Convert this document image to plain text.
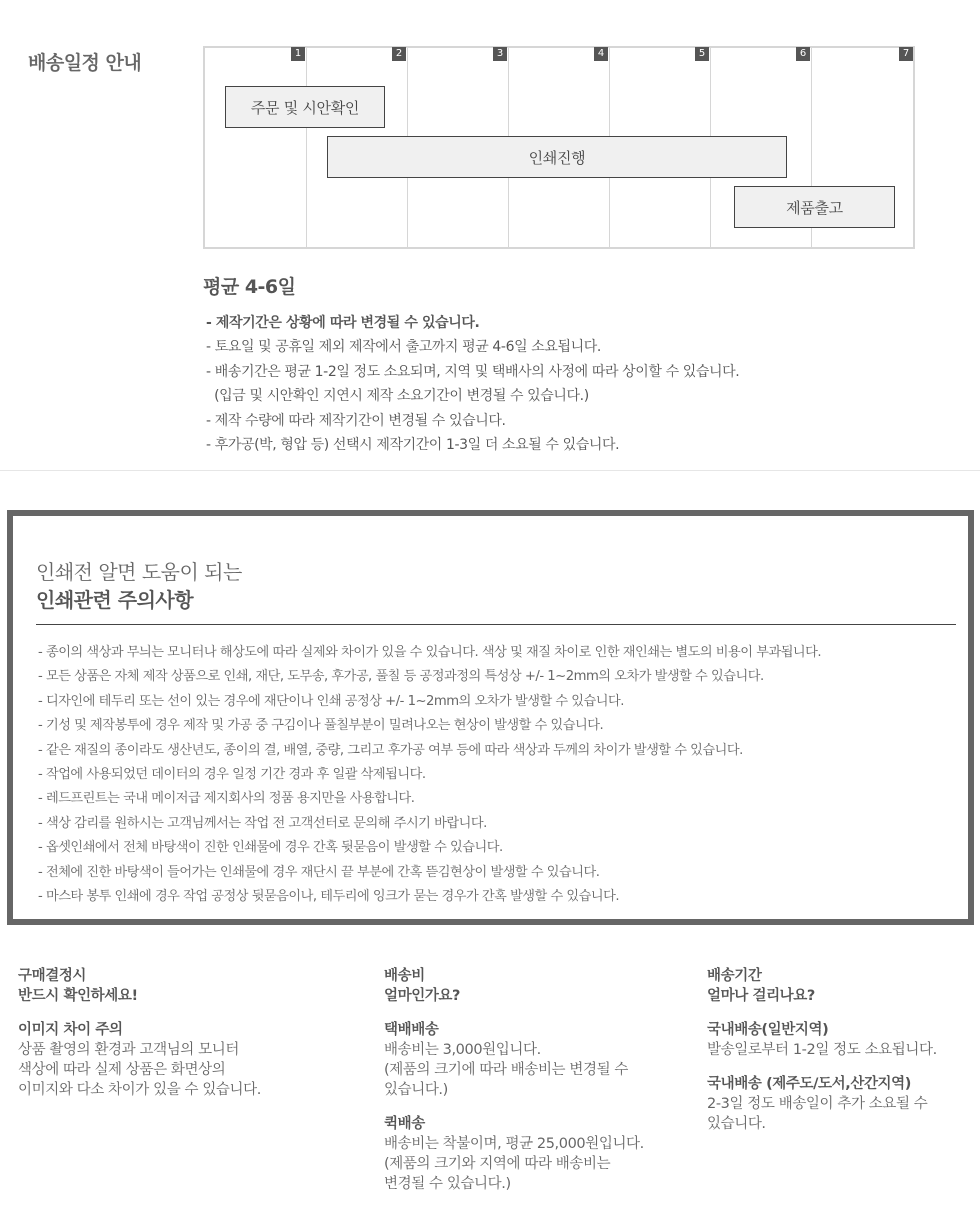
배송일정 안내	1	2	3	4	5	6	7
주문 및 시안확인
인쇄진행
제품출고
평균 4-6일
- 제작기간은 상황에 따라 변경될 수 있습니다.
- 토요일 및 공휴일 제외 제작에서 출고까지 평균 4-6일 소요됩니다.
- 배송기간은 평균 1-2일 정도 소요되며, 지역 및 택배사의 사정에 따라 상이할 수 있습니다.
(입금 및 시안확인 지연시 제작 소요기간이 변경될 수 있습니다.)
- 제작 수량에 따라 제작기간이 변경될 수 있습니다.
- 후가공(박, 형압 등) 선택시 제작기간이 1-3일 더 소요될 수 있습니다.
인쇄전 알면 도움이 되는
인쇄관련 주의사항
- 종이의 색상과 무늬는 모니터나 해상도에 따라 실제와 차이가 있을 수 있습니다. 색상 및 재질 차이로 인한 재인쇄는 별도의 비용이 부과됩니다.
- 모든 상품은 자체 제작 상품으로 인쇄, 재단, 도무송, 후가공, 풀칠 등 공정과정의 특성상 +/- 1~2mm의 오차가 발생할 수 있습니다.
- 디자인에 테두리 또는 선이 있는 경우에 재단이나 인쇄 공정상 +/- 1~2mm의 오차가 발생할 수 있습니다.
- 기성 및 제작봉투에 경우 제작 및 가공 중 구김이나 풀칠부분이 밀려나오는 현상이 발생할 수 있습니다.
- 같은 재질의 종이라도 생산년도, 종이의 결, 배열, 중량, 그리고 후가공 여부 등에 따라 색상과 두께의 차이가 발생할 수 있습니다.
- 작업에 사용되었던 데이터의 경우 일정 기간 경과 후 일괄 삭제됩니다.
- 레드프린트는 국내 메이저급 제지회사의 정품 용지만을 사용합니다.
- 색상 감리를 원하시는 고객님께서는 작업 전 고객선터로 문의해 주시기 바랍니다.
- 옵셋인쇄에서 전체 바탕색이 진한 인쇄물에 경우 간혹 뒷묻음이 발생할 수 있습니다.
- 전체에 진한 바탕색이 들어가는 인쇄물에 경우 재단시 끝 부분에 간혹 뜯김현상이 발생할 수 있습니다.
- 마스타 봉투 인쇄에 경우 작업 공정상 뒷묻음이나, 테두리에 잉크가 묻는 경우가 간혹 발생할 수 있습니다.
구매결정시
반드시 확인하세요!
이미지 차이 주의
상품 촬영의 환경과 고객님의 모니터
색상에 따라 실제 상품은 화면상의
이미지와 다소 차이가 있을 수 있습니다.
배송비
얼마인가요?
택배배송
배송비는 3,000원입니다.
(제품의 크기에 따라 배송비는 변경될 수
있습니다.)
퀵배송
배송비는 착불이며, 평균 25,000원입니다.
(제품의 크기와 지역에 따라 배송비는
변경될 수 있습니다.)
배송기간
얼마나 걸리나요?
국내배송(일반지역)
발송일로부터 1-2일 정도 소요됩니다.
국내배송 (제주도/도서,산간지역)
2-3일 정도 배송일이 추가 소요될 수
있습니다.
